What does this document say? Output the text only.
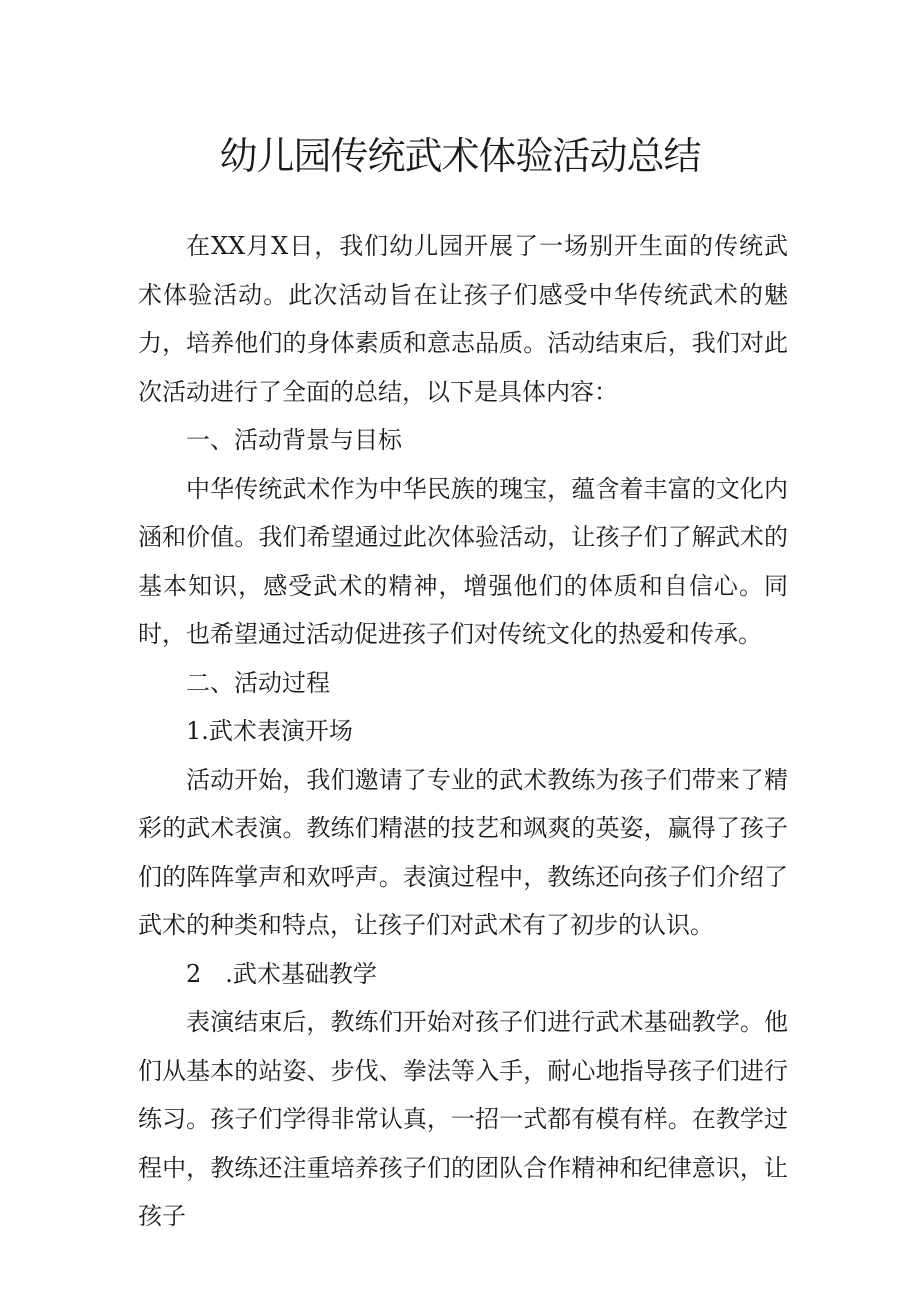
幼儿园传统武术体验活动总结

在XX月X日，我们幼儿园开展了一场别开生面的传统武术体验活动。此次活动旨在让孩子们感受中华传统武术的魅力，培养他们的身体素质和意志品质。活动结束后，我们对此次活动进行了全面的总结，以下是具体内容：

一、活动背景与目标

中华传统武术作为中华民族的瑰宝，蕴含着丰富的文化内涵和价值。我们希望通过此次体验活动，让孩子们了解武术的基本知识，感受武术的精神，增强他们的体质和自信心。同时，也希望通过活动促进孩子们对传统文化的热爱和传承。

二、活动过程

1.武术表演开场

活动开始，我们邀请了专业的武术教练为孩子们带来了精彩的武术表演。教练们精湛的技艺和飒爽的英姿，赢得了孩子们的阵阵掌声和欢呼声。表演过程中，教练还向孩子们介绍了武术的种类和特点，让孩子们对武术有了初步的认识。

2　.武术基础教学

表演结束后，教练们开始对孩子们进行武术基础教学。他们从基本的站姿、步伐、拳法等入手，耐心地指导孩子们进行练习。孩子们学得非常认真，一招一式都有模有样。在教学过程中，教练还注重培养孩子们的团队合作精神和纪律意识，让孩子
